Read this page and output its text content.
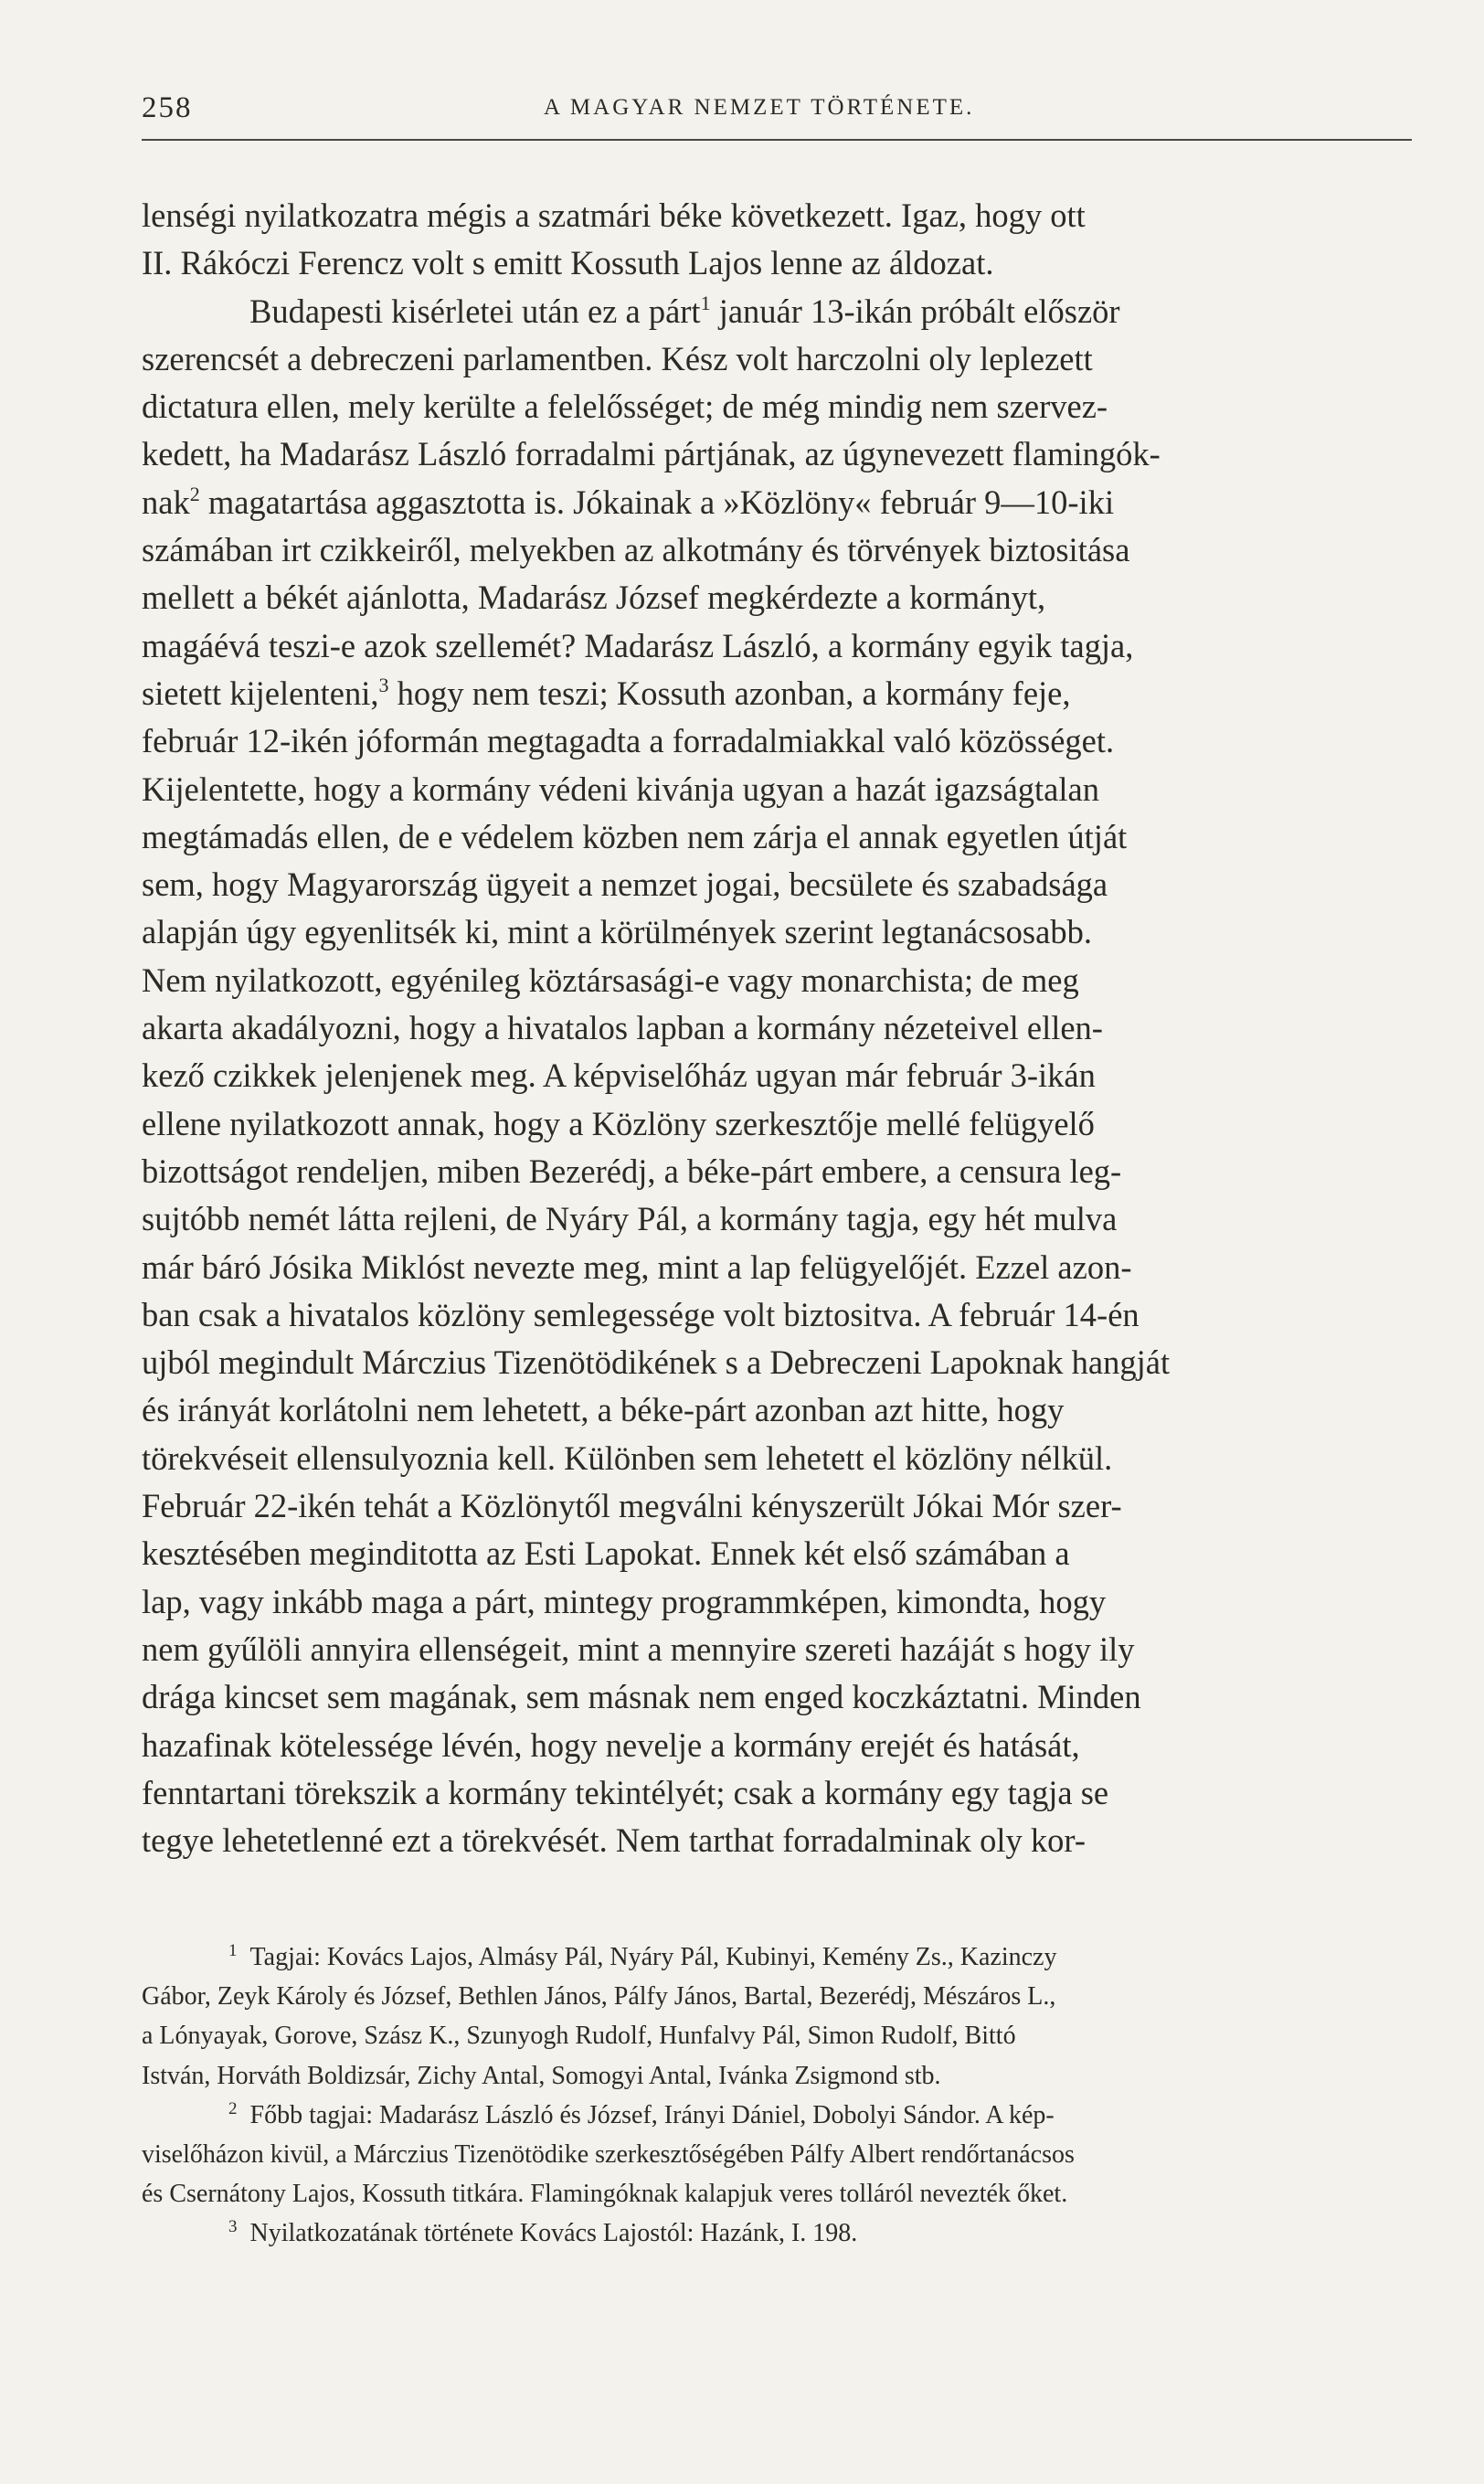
258	A MAGYAR NEMZET TÖRTÉNETE.
lenségi nyilatkozatra mégis a szatmári béke következett. Igaz, hogy ott
II. Rákóczi Ferencz volt s emitt Kossuth Lajos lenne az áldozat.
Budapesti kisérletei után ez a párt$^1$ január 13-ikán próbált először
szerencsét a debreczeni parlamentben. Kész volt harczolni oly leplezett
dictatura ellen, mely kerülte a felelősséget; de még mindig nem szervez-
kedett, ha Madarász László forradalmi pártjának, az úgynevezett flamingók-
nak$^2$ magatartása aggasztotta is. Jókainak a »Közlöny« február 9—10-iki
számában irt czikkeiről, melyekben az alkotmány és törvények biztositása
mellett a békét ajánlotta, Madarász József megkérdezte a kormányt,
magáévá teszi-e azok szellemét? Madarász László, a kormány egyik tagja,
sietett kijelenteni,$^3$ hogy nem teszi; Kossuth azonban, a kormány feje,
február 12-ikén jóformán megtagadta a forradalmiakkal való közösséget.
Kijelentette, hogy a kormány védeni kivánja ugyan a hazát igazságtalan
megtámadás ellen, de e védelem közben nem zárja el annak egyetlen útját
sem, hogy Magyarország ügyeit a nemzet jogai, becsülete és szabadsága
alapján úgy egyenlitsék ki, mint a körülmények szerint legtanácsosabb.
Nem nyilatkozott, egyénileg köztársasági-e vagy monarchista; de meg
akarta akadályozni, hogy a hivatalos lapban a kormány nézeteivel ellen-
kező czikkek jelenjenek meg. A képviselőház ugyan már február 3-ikán
ellene nyilatkozott annak, hogy a Közlöny szerkesztője mellé felügyelő
bizottságot rendeljen, miben Bezerédj, a béke-párt embere, a censura leg-
sujtóbb nemét látta rejleni, de Nyáry Pál, a kormány tagja, egy hét mulva
már báró Jósika Miklóst nevezte meg, mint a lap felügyelőjét. Ezzel azon-
ban csak a hivatalos közlöny semlegessége volt biztositva. A február 14-én
ujból megindult Márczius Tizenötödikének s a Debreczeni Lapoknak hangját
és irányát korlátolni nem lehetett, a béke-párt azonban azt hitte, hogy
törekvéseit ellensulyoznia kell. Különben sem lehetett el közlöny nélkül.
Február 22-ikén tehát a Közlönytől megválni kényszerült Jókai Mór szer-
kesztésében meginditotta az Esti Lapokat. Ennek két első számában a
lap, vagy inkább maga a párt, mintegy programmképen, kimondta, hogy
nem gyűlöli annyira ellenségeit, mint a mennyire szereti hazáját s hogy ily
drága kincset sem magának, sem másnak nem enged koczkáztatni. Minden
hazafinak kötelessége lévén, hogy nevelje a kormány erejét és hatását,
fenntartani törekszik a kormány tekintélyét; csak a kormány egy tagja se
tegye lehetetlenné ezt a törekvését. Nem tarthat forradalminak oly kor-
$^1$ Tagjai: Kovács Lajos, Almásy Pál, Nyáry Pál, Kubinyi, Kemény Zs., Kazinczy
Gábor, Zeyk Károly és József, Bethlen János, Pálfy János, Bartal, Bezerédj, Mészáros L.,
a Lónyayak, Gorove, Szász K., Szunyogh Rudolf, Hunfalvy Pál, Simon Rudolf, Bittó
István, Horváth Boldizsár, Zichy Antal, Somogyi Antal, Ivánka Zsigmond stb.
$^2$ Főbb tagjai: Madarász László és József, Irányi Dániel, Dobolyi Sándor. A kép-
viselőházon kivül, a Márczius Tizenötödike szerkesztőségében Pálfy Albert rendőrtanácsos
és Csernátony Lajos, Kossuth titkára. Flamingóknak kalapjuk veres tolláról nevezték őket.
$^3$ Nyilatkozatának története Kovács Lajostól: Hazánk, I. 198.
